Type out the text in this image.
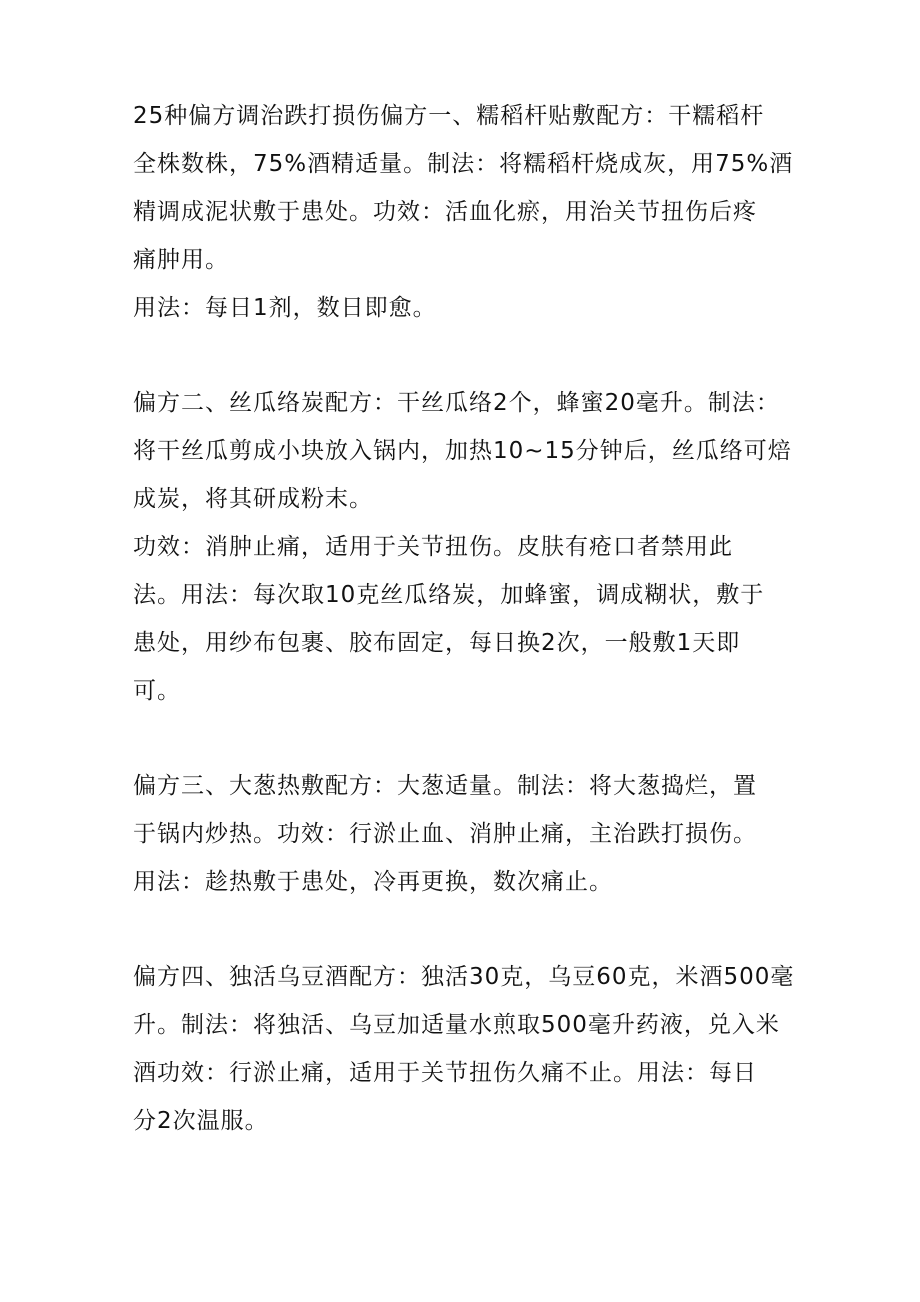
25种偏方调治跌打损伤偏方一、糯稻杆贴敷配方：干糯稻杆
全株数株，75%酒精适量。制法：将糯稻杆烧成灰，用75%酒
精调成泥状敷于患处。功效：活血化瘀，用治关节扭伤后疼
痛肿用。
用法：每日1剂，数日即愈。
偏方二、丝瓜络炭配方：干丝瓜络2个，蜂蜜20毫升。制法：
将干丝瓜剪成小块放入锅内，加热10~15分钟后，丝瓜络可焙
成炭，将其研成粉末。
功效：消肿止痛，适用于关节扭伤。皮肤有疮口者禁用此
法。用法：每次取10克丝瓜络炭，加蜂蜜，调成糊状，敷于
患处，用纱布包裹、胶布固定，每日换2次，一般敷1天即
可。
偏方三、大葱热敷配方：大葱适量。制法：将大葱捣烂，置
于锅内炒热。功效：行淤止血、消肿止痛，主治跌打损伤。
用法：趁热敷于患处，冷再更换，数次痛止。
偏方四、独活乌豆酒配方：独活30克，乌豆60克，米酒500毫
升。制法：将独活、乌豆加适量水煎取500毫升药液，兑入米
酒功效：行淤止痛，适用于关节扭伤久痛不止。用法：每日
分2次温服。
